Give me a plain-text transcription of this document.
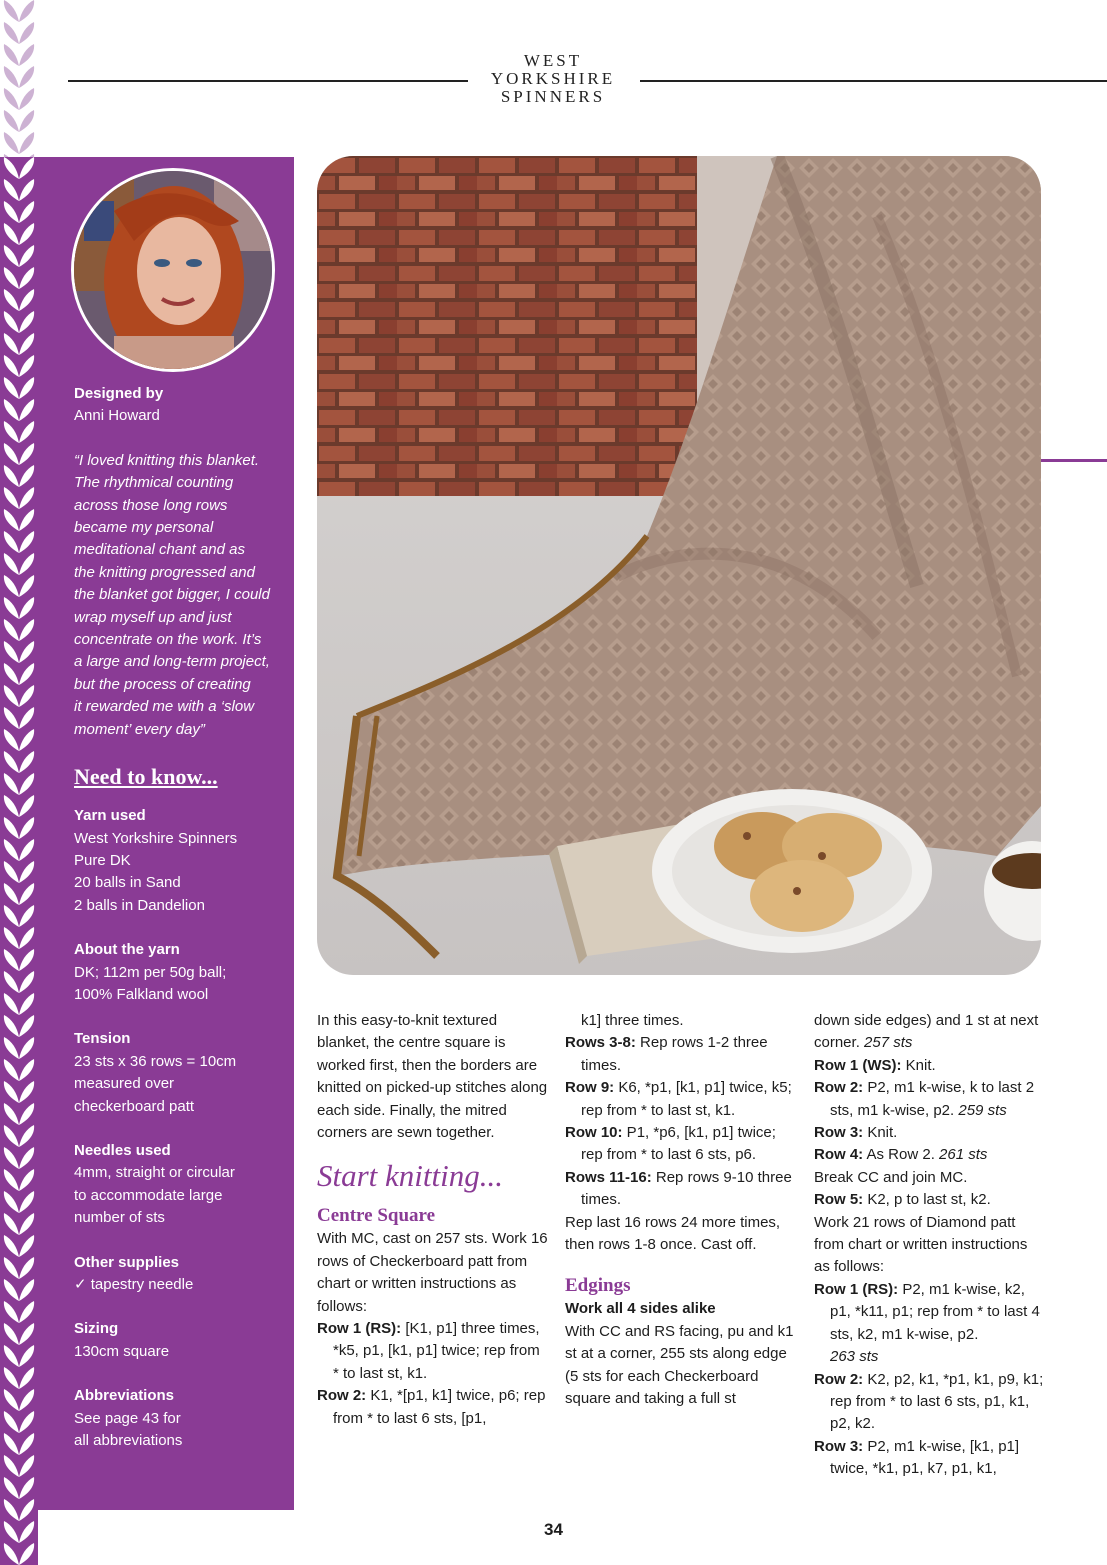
WEST
YORKSHIRE
SPINNERS
Designed by
Anni Howard
“I loved knitting this blanket.
The rhythmical counting
across those long rows
became my personal
meditational chant and as
the knitting progressed and
the blanket got bigger, I could
wrap myself up and just
concentrate on the work. It’s
a large and long-term project,
but the process of creating
it rewarded me with a ‘slow
moment’ every day”
Need to know...
Yarn used
West Yorkshire Spinners
Pure DK
20 balls in Sand
2 balls in Dandelion
About the yarn
DK; 112m per 50g ball;
100% Falkland wool
Tension
23 sts x 36 rows = 10cm
measured over
checkerboard patt
Needles used
4mm, straight or circular
to accommodate large
number of sts
Other supplies
✓ tapestry needle
Sizing
130cm square
Abbreviations
See page 43 for
all abbreviations

In this easy-to-knit textured blanket, the centre square is worked first, then the borders are knitted on picked-up stitches along each side. Finally, the mitred corners are sewn together.

Start knitting...
Centre Square

With MC, cast on 257 sts. Work 16 rows of Checkerboard patt from chart or written instructions as follows:

Row 1 (RS): [K1, p1] three times, *k5, p1, [k1, p1] twice; rep from * to last st, k1.

Row 2: K1, *[p1, k1] twice, p6; rep from * to last 6 sts, [p1,

k1] three times.

Rows 3-8: Rep rows 1-2 three times.

Row 9: K6, *p1, [k1, p1] twice, k5; rep from * to last st, k1.

Row 10: P1, *p6, [k1, p1] twice; rep from * to last 6 sts, p6.

Rows 11-16: Rep rows 9-10 three times.

Rep last 16 rows 24 more times, then rows 1-8 once. Cast off.

Edgings

Work all 4 sides alike

With CC and RS facing, pu and k1 st at a corner, 255 sts along edge (5 sts for each Checkerboard square and taking a full st

down side edges) and 1 st at next corner. 257 sts

Row 1 (WS): Knit.

Row 2: P2, m1 k-wise, k to last 2 sts, m1 k-wise, p2. 259 sts

Row 3: Knit.

Row 4: As Row 2. 261 sts

Break CC and join MC.

Row 5: K2, p to last st, k2.

Work 21 rows of Diamond patt from chart or written instructions as follows:

Row 1 (RS): P2, m1 k-wise, k2, p1, *k11, p1; rep from * to last 4 sts, k2, m1 k-wise, p2.

263 sts

Row 2: K2, p2, k1, *p1, k1, p9, k1; rep from * to last 6 sts, p1, k1, p2, k2.

Row 3: P2, m1 k-wise, [k1, p1] twice, *k1, p1, k7, p1, k1,

34
